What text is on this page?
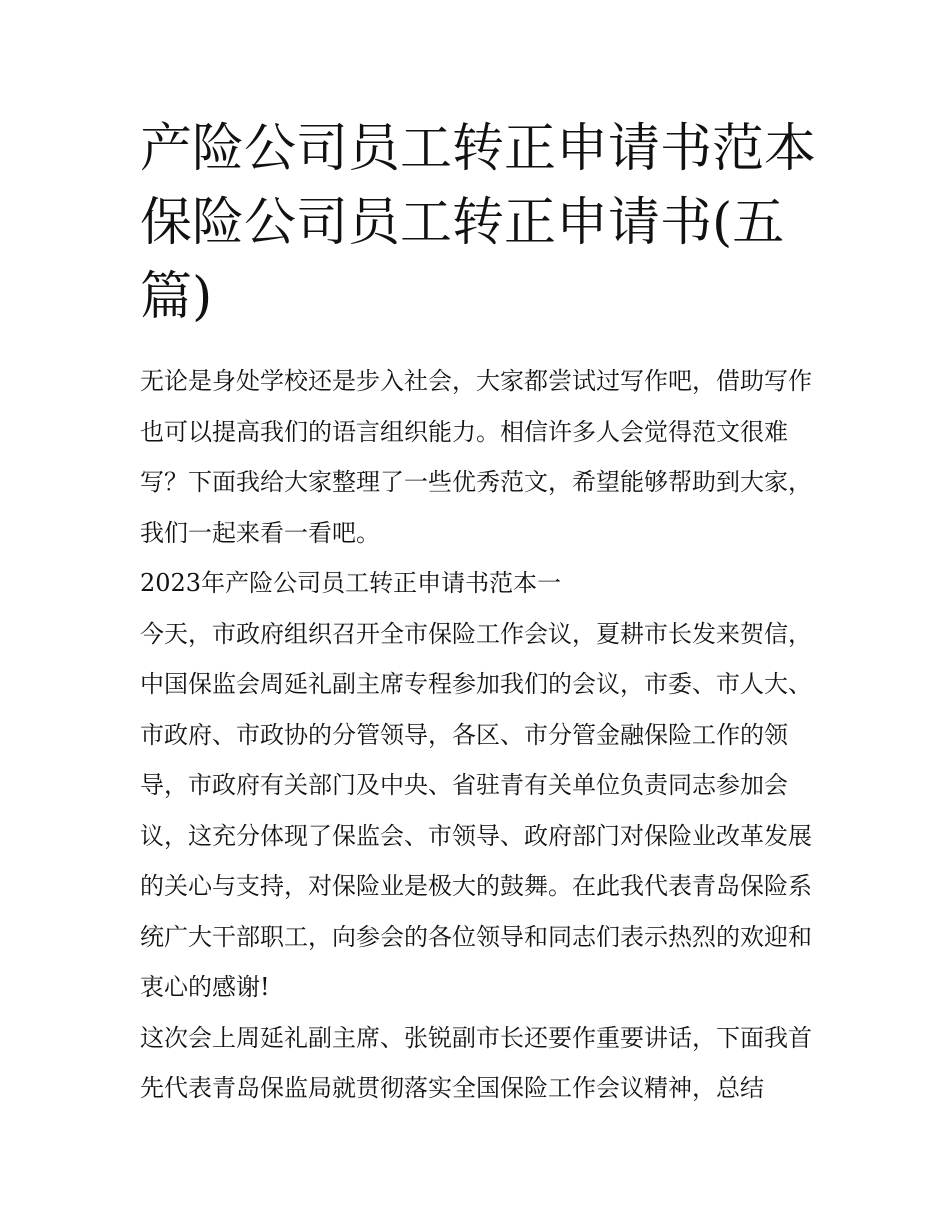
产险公司员工转正申请书范本保险公司员工转正申请书(五篇)

无论是身处学校还是步入社会，大家都尝试过写作吧，借助写作也可以提高我们的语言组织能力。相信许多人会觉得范文很难写？下面我给大家整理了一些优秀范文，希望能够帮助到大家，我们一起来看一看吧。

2023年产险公司员工转正申请书范本一

今天，市政府组织召开全市保险工作会议，夏耕市长发来贺信，中国保监会周延礼副主席专程参加我们的会议，市委、市人大、市政府、市政协的分管领导，各区、市分管金融保险工作的领导，市政府有关部门及中央、省驻青有关单位负责同志参加会议，这充分体现了保监会、市领导、政府部门对保险业改革发展的关心与支持，对保险业是极大的鼓舞。在此我代表青岛保险系统广大干部职工，向参会的各位领导和同志们表示热烈的欢迎和衷心的感谢!

这次会上周延礼副主席、张锐副市长还要作重要讲话，下面我首先代表青岛保监局就贯彻落实全国保险工作会议精神，总结
